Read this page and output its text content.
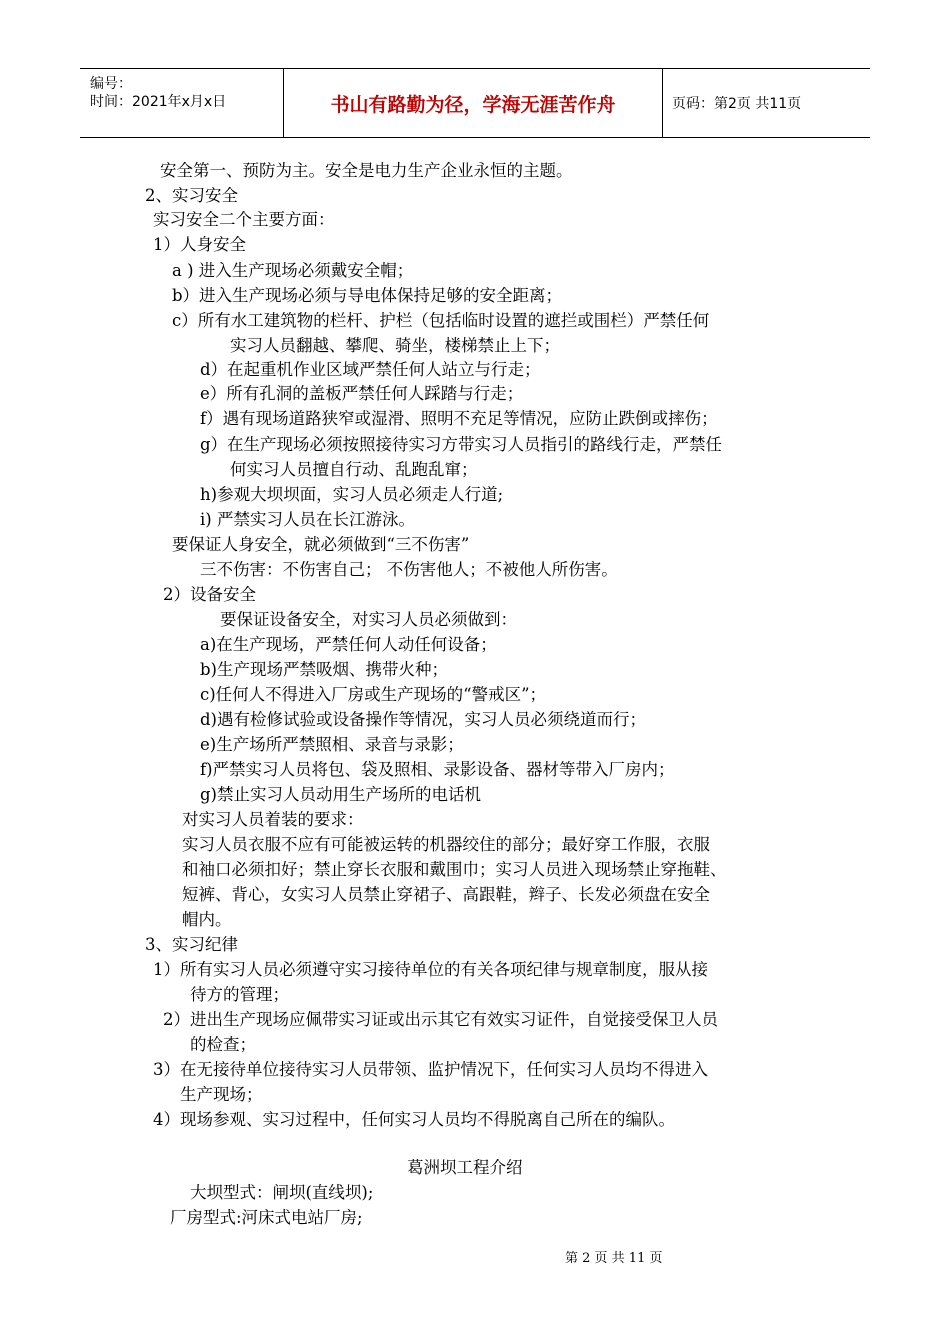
编号：
时间：2021年x月x日	书山有路勤为径，学海无涯苦作舟	页码：第2页 共11页
安全第一、预防为主。安全是电力生产企业永恒的主题。
2、实习安全
实习安全二个主要方面：
1）人身安全
a ) 进入生产现场必须戴安全帽；
b）进入生产现场必须与导电体保持足够的安全距离；
c）所有水工建筑物的栏杆、护栏（包括临时设置的遮拦或围栏）严禁任何
实习人员翻越、攀爬、骑坐，楼梯禁止上下；
d）在起重机作业区域严禁任何人站立与行走；
e）所有孔洞的盖板严禁任何人踩踏与行走；
f）遇有现场道路狭窄或湿滑、照明不充足等情况，应防止跌倒或摔伤；
g）在生产现场必须按照接待实习方带实习人员指引的路线行走，严禁任
何实习人员擅自行动、乱跑乱窜；
h)参观大坝坝面，实习人员必须走人行道;
i) 严禁实习人员在长江游泳。
要保证人身安全，就必须做到“三不伤害”
三不伤害：不伤害自己； 不伤害他人；不被他人所伤害。
2）设备安全
要保证设备安全，对实习人员必须做到：
a)在生产现场，严禁任何人动任何设备；
b)生产现场严禁吸烟、携带火种；
c)任何人不得进入厂房或生产现场的“警戒区”；
d)遇有检修试验或设备操作等情况，实习人员必须绕道而行；
e)生产场所严禁照相、录音与录影；
f)严禁实习人员将包、袋及照相、录影设备、器材等带入厂房内；
g)禁止实习人员动用生产场所的电话机
对实习人员着装的要求：
实习人员衣服不应有可能被运转的机器绞住的部分；最好穿工作服，衣服
和袖口必须扣好；禁止穿长衣服和戴围巾；实习人员进入现场禁止穿拖鞋、
短裤、背心，女实习人员禁止穿裙子、高跟鞋，辫子、长发必须盘在安全
帽内。
3、实习纪律
1）所有实习人员必须遵守实习接待单位的有关各项纪律与规章制度，服从接
待方的管理；
2）进出生产现场应佩带实习证或出示其它有效实习证件，自觉接受保卫人员
的检查；
3）在无接待单位接待实习人员带领、监护情况下，任何实习人员均不得进入
生产现场；
4）现场参观、实习过程中，任何实习人员均不得脱离自己所在的编队。
葛洲坝工程介绍
大坝型式：闸坝(直线坝);
厂房型式:河床式电站厂房;
第 2 页 共 11 页
